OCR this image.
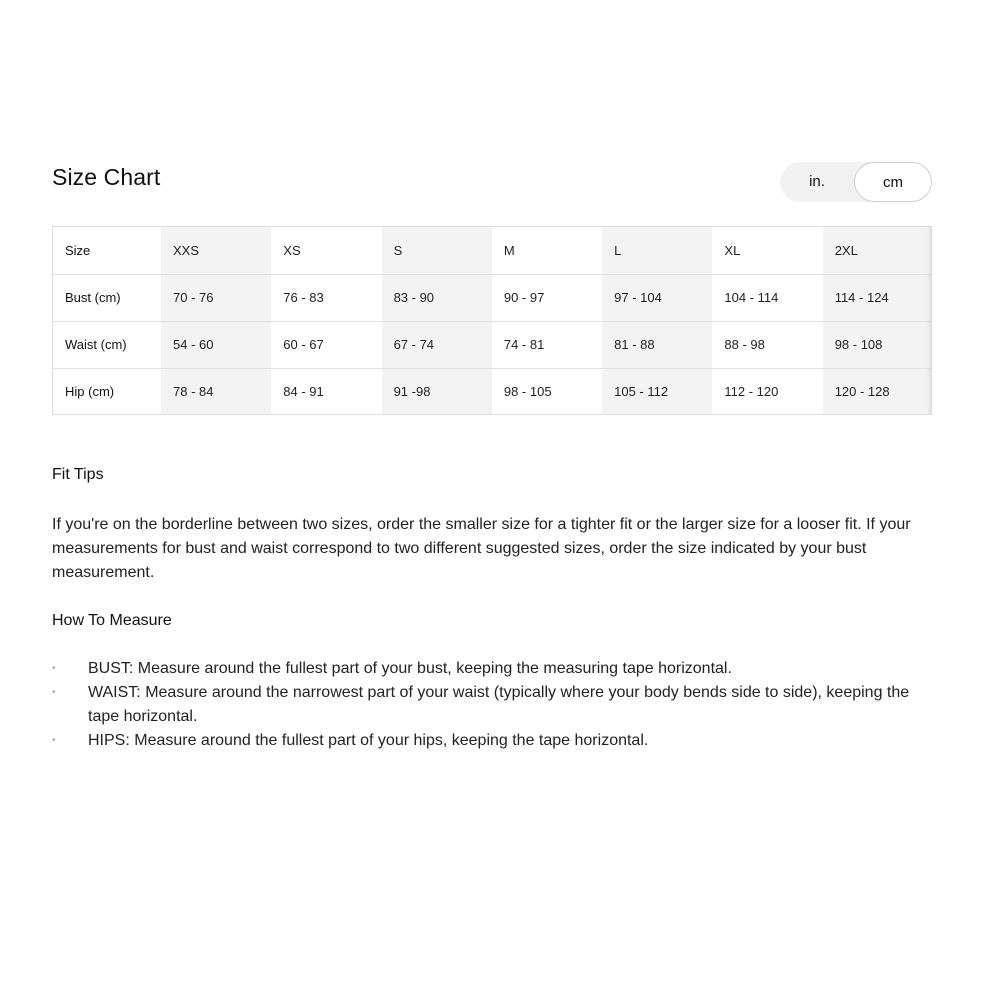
Size Chart	in.	cm
Size	XXS	XS	S	M	L	XL	2XL
Bust (cm)	70 - 76	76 - 83	83 - 90	90 - 97	97 - 104	104 - 114	114 - 124
Waist (cm)	54 - 60	60 - 67	67 - 74	74 - 81	81 - 88	88 - 98	98 - 108
Hip (cm)	78 - 84	84 - 91	91 -98	98 - 105	105 - 112	112 - 120	120 - 128
Fit Tips
If you're on the borderline between two sizes, order the smaller size for a tighter fit or the larger size for a looser fit. If your measurements for bust and waist correspond to two different suggested sizes, order the size indicated by your bust measurement.
How To Measure
• BUST: Measure around the fullest part of your bust, keeping the measuring tape horizontal.
• WAIST: Measure around the narrowest part of your waist (typically where your body bends side to side), keeping the tape horizontal.
• HIPS: Measure around the fullest part of your hips, keeping the tape horizontal.
